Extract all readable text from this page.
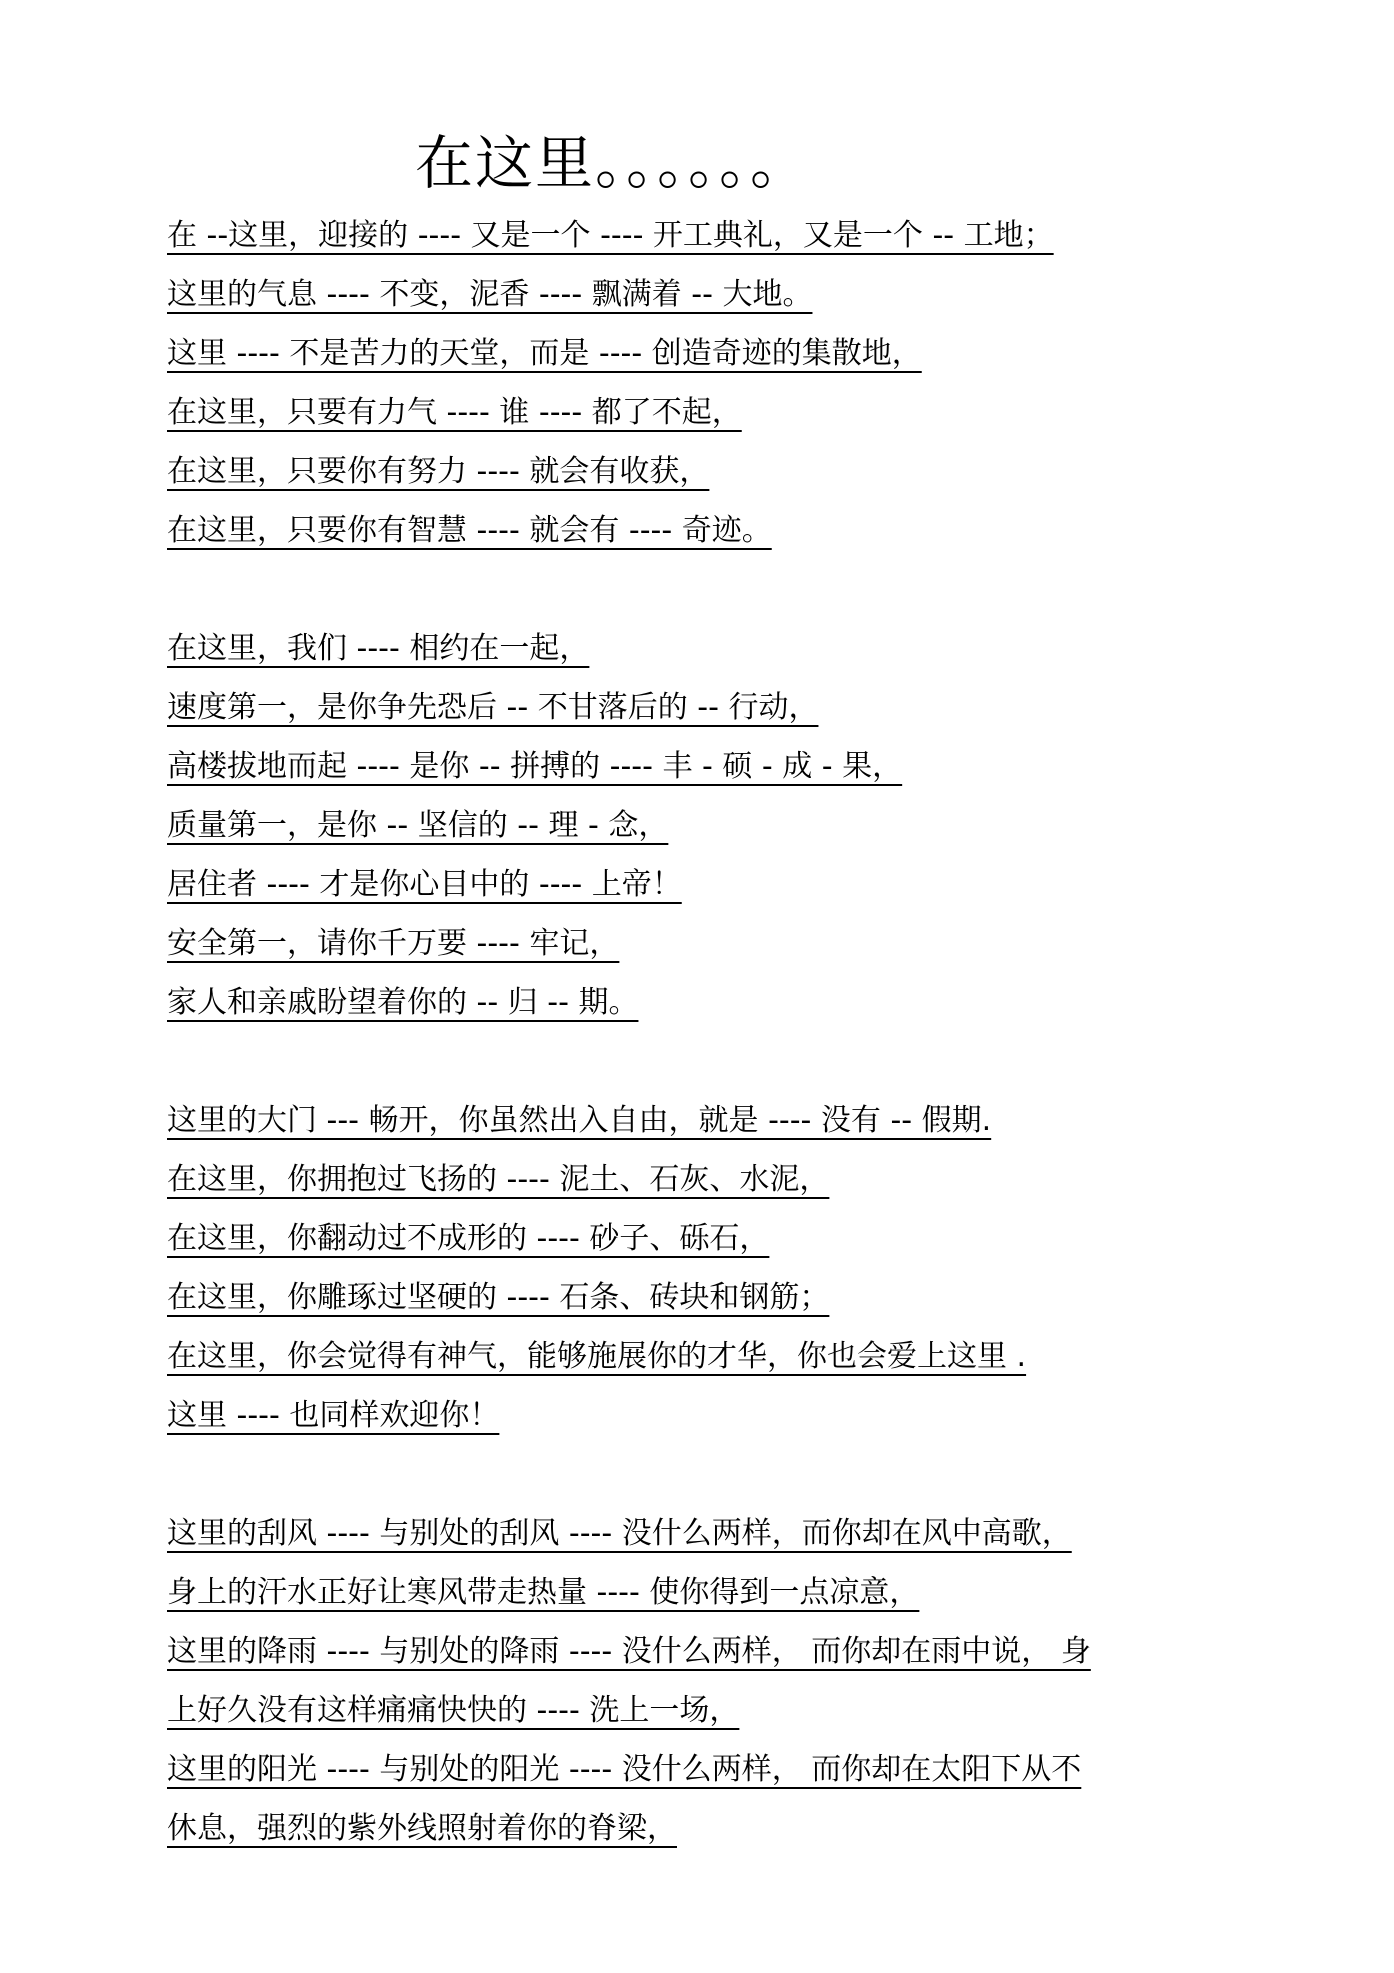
在这里。。。。。。
在 --这里，迎接的 ---- 又是一个 ---- 开工典礼，又是一个 -- 工地；
这里的气息 ---- 不变，泥香 ---- 飘满着 -- 大地。
这里 ---- 不是苦力的天堂，而是 ---- 创造奇迹的集散地，
在这里，只要有力气 ---- 谁 ---- 都了不起，
在这里，只要你有努力 ---- 就会有收获，
在这里，只要你有智慧 ---- 就会有 ---- 奇迹。
在这里，我们 ---- 相约在一起，
速度第一，是你争先恐后 -- 不甘落后的 -- 行动，
高楼拔地而起 ---- 是你 -- 拼搏的 ---- 丰 - 硕 - 成 - 果，
质量第一，是你 -- 坚信的 -- 理 - 念，
居住者 ---- 才是你心目中的 ---- 上帝！
安全第一，请你千万要 ---- 牢记，
家人和亲戚盼望着你的 -- 归 -- 期。
这里的大门 --- 畅开，你虽然出入自由，就是 ---- 没有 -- 假期.
在这里，你拥抱过飞扬的 ---- 泥土、石灰、水泥，
在这里，你翻动过不成形的 ---- 砂子、砾石，
在这里，你雕琢过坚硬的 ---- 石条、砖块和钢筋；
在这里，你会觉得有神气，能够施展你的才华，你也会爱上这里 .
这里 ---- 也同样欢迎你！
这里的刮风 ---- 与别处的刮风 ---- 没什么两样，而你却在风中高歌，
身上的汗水正好让寒风带走热量 ---- 使你得到一点凉意，
这里的降雨 ---- 与别处的降雨 ---- 没什么两样， 而你却在雨中说， 身
上好久没有这样痛痛快快的 ---- 洗上一场，
这里的阳光 ---- 与别处的阳光 ---- 没什么两样， 而你却在太阳下从不
休息，强烈的紫外线照射着你的脊梁，
